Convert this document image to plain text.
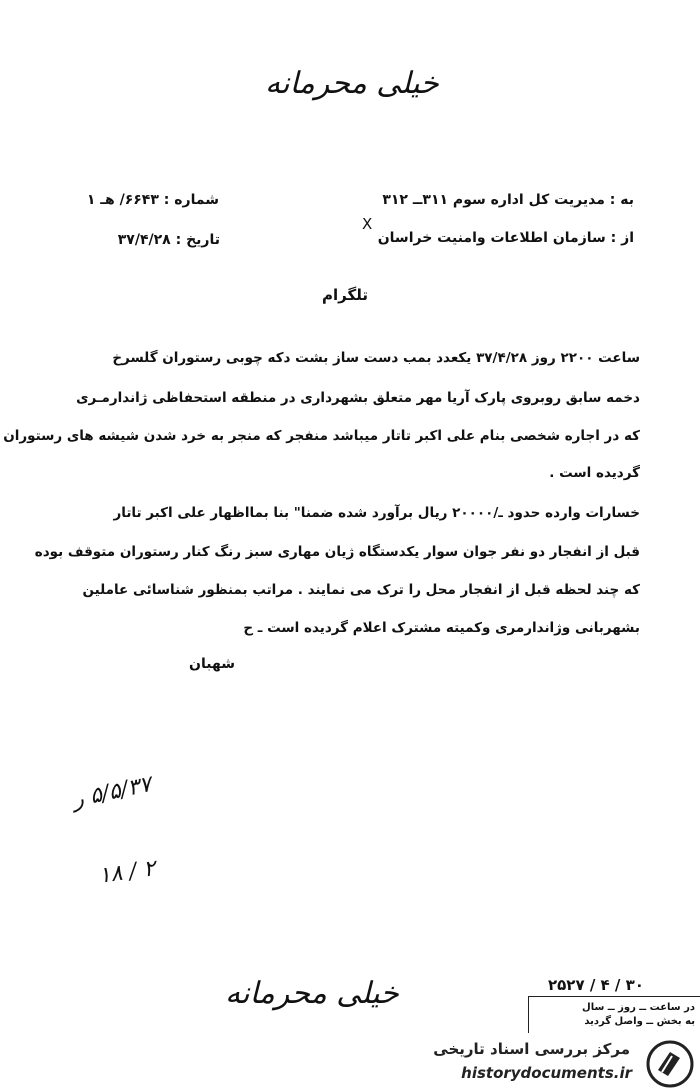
خیلی محرمانه
به : مدیریت کل اداره سوم ۳۱۱ــ ۳۱۲
X
از : سازمان اطلاعات وامنیت خراسان
شماره : ۶۶۴۳/ هـ ۱
تاریخ : ۳۷/۴/۲۸
تلگرام
ساعت ۲۲۰۰ روز ۳۷/۴/۲۸ یکعدد بمب دست ساز بشت دکه چوبی رستوران گلسرخ
دخمه سابق روبروی پارک آریا مهر متعلق بشهرداری در منطقه استحفاظی ژاندارمـری
که در اجاره شخصی بنام علی اکبر تاتار میباشد منفجر که منجر به خرد شدن شیشه های رستوران
گردیده است .
خسارات وارده حدود ـ/۲۰۰۰۰ ریال برآورد شده ضمنا" بنا بمااظهار علی اکبر تاتار
قبل از انفجار دو نفر جوان سوار یکدستگاه ژیان مهاری سبز رنگ کنار رستوران متوقف بوده
که چند لحظه قبل از انفجار محل را ترک می نمایند . مراتب بمنظور شناسائی عاملین
بشهربانی وژاندارمری وکمیته مشترک اعلام گردیده است ـ ح
شهبان
۵/۵/۳۷ ر
۱۸ / ۲
خیلی محرمانه	۲۵۲۷ / ۴ / ۳۰
در ساعت ــ روز ــ سال
به بخش ــ واصل گردید
مرکز بررسی اسناد تاریخی
historydocuments.ir
